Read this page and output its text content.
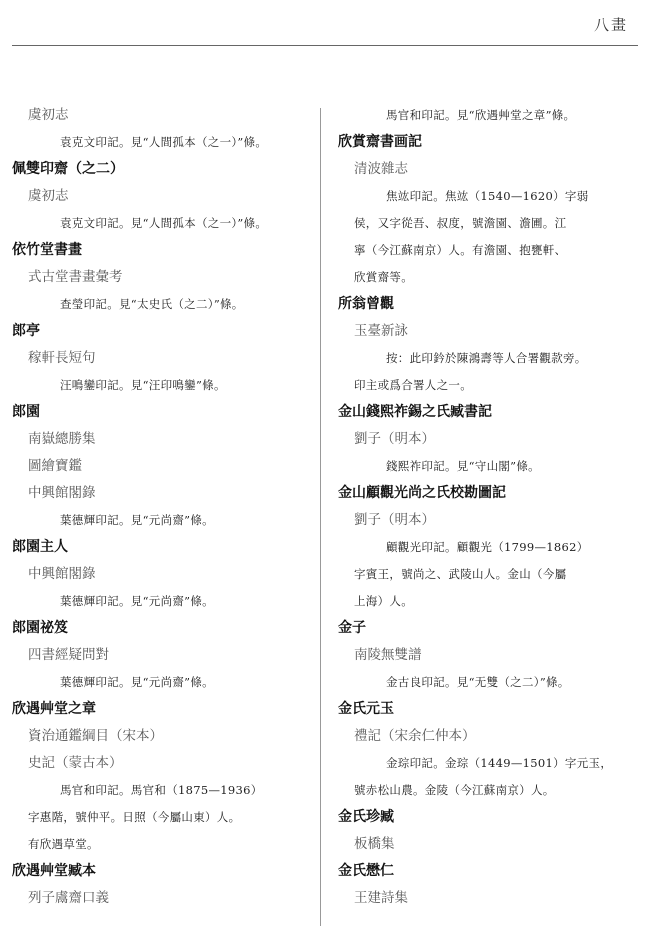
八畫
虞初志
袁克文印記。見“人間孤本（之一）”條。
佩雙印齋（之二）
虞初志
袁克文印記。見“人間孤本（之一）”條。
依竹堂書畫
式古堂書畫彙考
查瑩印記。見“太史氏（之二）”條。
郎亭
稼軒長短句
汪鳴鑾印記。見“汪印鳴鑾”條。
郎園
南嶽總勝集
圖繪寶鑑
中興館閣錄
葉德輝印記。見“元尚齋”條。
郎園主人
中興館閣錄
葉德輝印記。見“元尚齋”條。
郎園祕笈
四書經疑問對
葉德輝印記。見“元尚齋”條。
欣遇艸堂之章
資治通鑑綱目（宋本）
史記（蒙古本）
馬官和印記。馬官和（1875—1936）
字惠階，號仲平。日照（今屬山東）人。
有欣遇草堂。
欣遇艸堂臧本
列子鬳齋口義
馬官和印記。見“欣遇艸堂之章”條。
欣賞齋書画記
清波雜志
焦竑印記。焦竑（1540—1620）字弱
侯，又字從吾、叔度，號澹園、澹圃。江
寧（今江蘇南京）人。有澹園、抱甕軒、
欣賞齋等。
所翁曾觀
玉臺新詠
按：此印鈐於陳鴻壽等人合署觀款旁。
印主或爲合署人之一。
金山錢熙祚錫之氏臧書記
劉子（明本）
錢熙祚印記。見“守山閣”條。
金山顧觀光尚之氏校勘圖記
劉子（明本）
顧觀光印記。顧觀光（1799—1862）
字賓王，號尚之、武陵山人。金山（今屬
上海）人。
金子
南陵無雙譜
金古良印記。見“无雙（之二）”條。
金氏元玉
禮記（宋余仁仲本）
金琮印記。金琮（1449—1501）字元玉，
號赤松山農。金陵（今江蘇南京）人。
金氏珍臧
板橋集
金氏懋仁
王建詩集
